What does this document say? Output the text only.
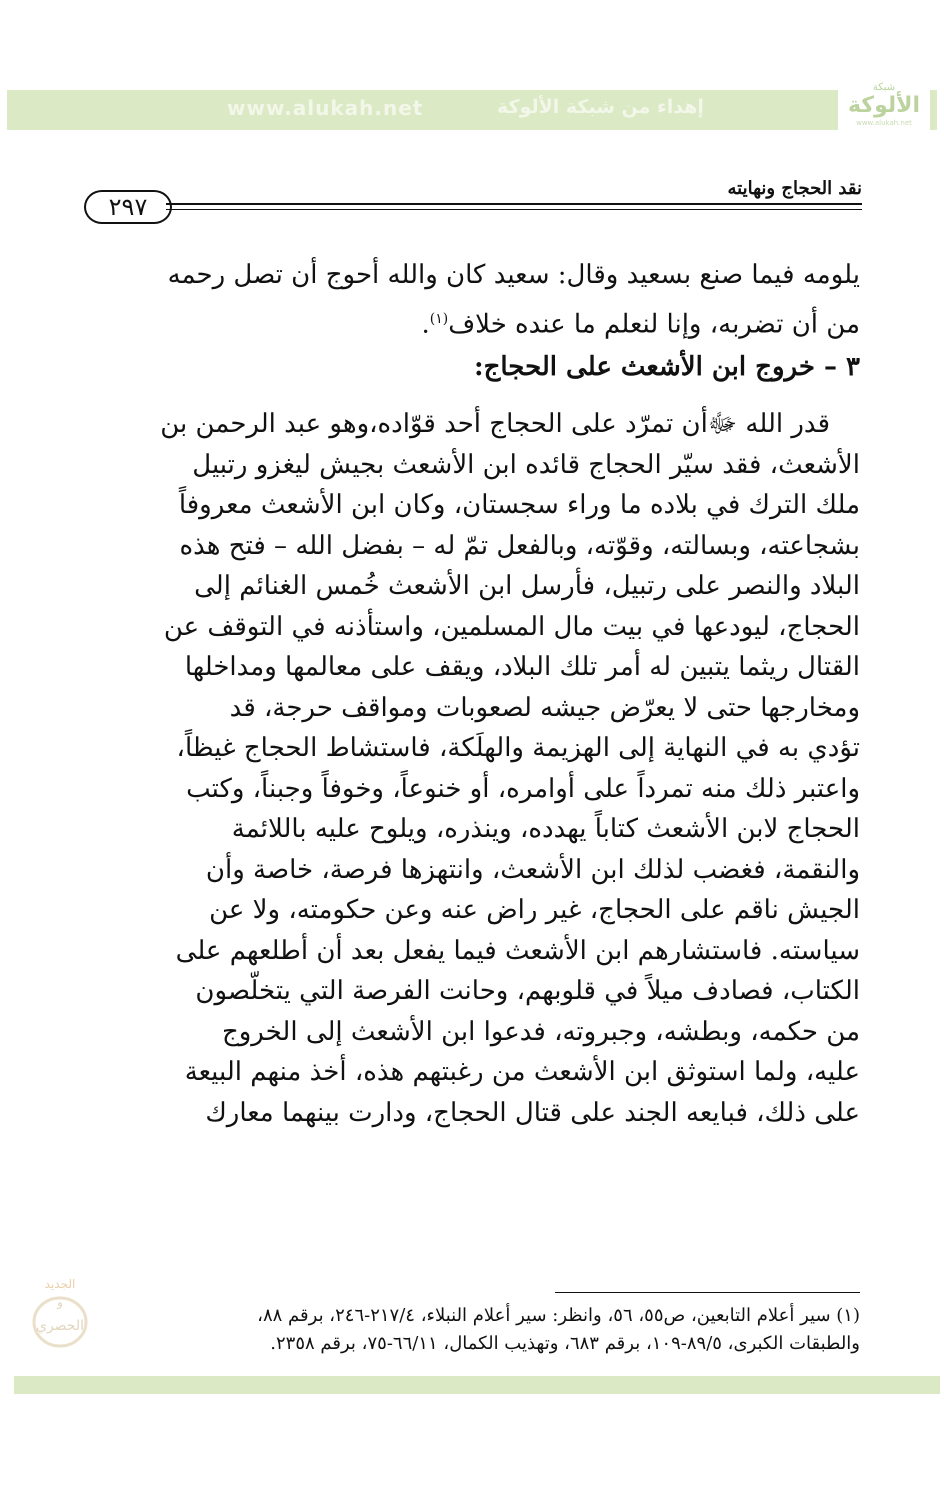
www.alukah.net	إهداء من شبكة الألوكة
شبكة
الألوكة
www.alukah.net
نقد الحجاج ونهايته
٢٩٧
يلومه فيما صنع بسعيد وقال: سعيد كان والله أحوج أن تصل رحمه
من أن تضربه، وإنا لنعلم ما عنده خلاف$^{(١)}$.
٣ – خروج ابن الأشعث على الحجاج:
قدر الله ﷻأن تمرّد على الحجاج أحد قوّاده،وهو عبد الرحمن بن
الأشعث، فقد سيّر الحجاج قائده ابن الأشعث بجيش ليغزو رتبيل
ملك الترك في بلاده ما وراء سجستان، وكان ابن الأشعث معروفاً
بشجاعته، وبسالته، وقوّته، وبالفعل تمّ له – بفضل الله – فتح هذه
البلاد والنصر على رتبيل، فأرسل ابن الأشعث خُمس الغنائم إلى
الحجاج، ليودعها في بيت مال المسلمين، واستأذنه في التوقف عن
القتال ريثما يتبين له أمر تلك البلاد، ويقف على معالمها ومداخلها
ومخارجها حتى لا يعرّض جيشه لصعوبات ومواقف حرجة، قد
تؤدي به في النهاية إلى الهزيمة والهلَكة، فاستشاط الحجاج غيظاً،
واعتبر ذلك منه تمرداً على أوامره، أو خنوعاً، وخوفاً وجبناً، وكتب
الحجاج لابن الأشعث كتاباً يهدده، وينذره، ويلوح عليه باللائمة
والنقمة، فغضب لذلك ابن الأشعث، وانتهزها فرصة، خاصة وأن
الجيش ناقم على الحجاج، غير راض عنه وعن حكومته، ولا عن
سياسته. فاستشارهم ابن الأشعث فيما يفعل بعد أن أطلعهم على
الكتاب، فصادف ميلاً في قلوبهم، وحانت الفرصة التي يتخلّصون
من حكمه، وبطشه، وجبروته، فدعوا ابن الأشعث إلى الخروج
عليه، ولما استوثق ابن الأشعث من رغبتهم هذه، أخذ منهم البيعة
على ذلك، فبايعه الجند على قتال الحجاج، ودارت بينهما معارك
(١) سير أعلام التابعين، ص٥٥، ٥٦، وانظر: سير أعلام النبلاء، ٢١٧/٤-٢٤٦، برقم ٨٨،
والطبقات الكبرى، ٨٩/٥-١٠٩، برقم ٦٨٣، وتهذيب الكمال، ٦٦/١١-٧٥، برقم ٢٣٥٨.
الجديد
و
الحصري
